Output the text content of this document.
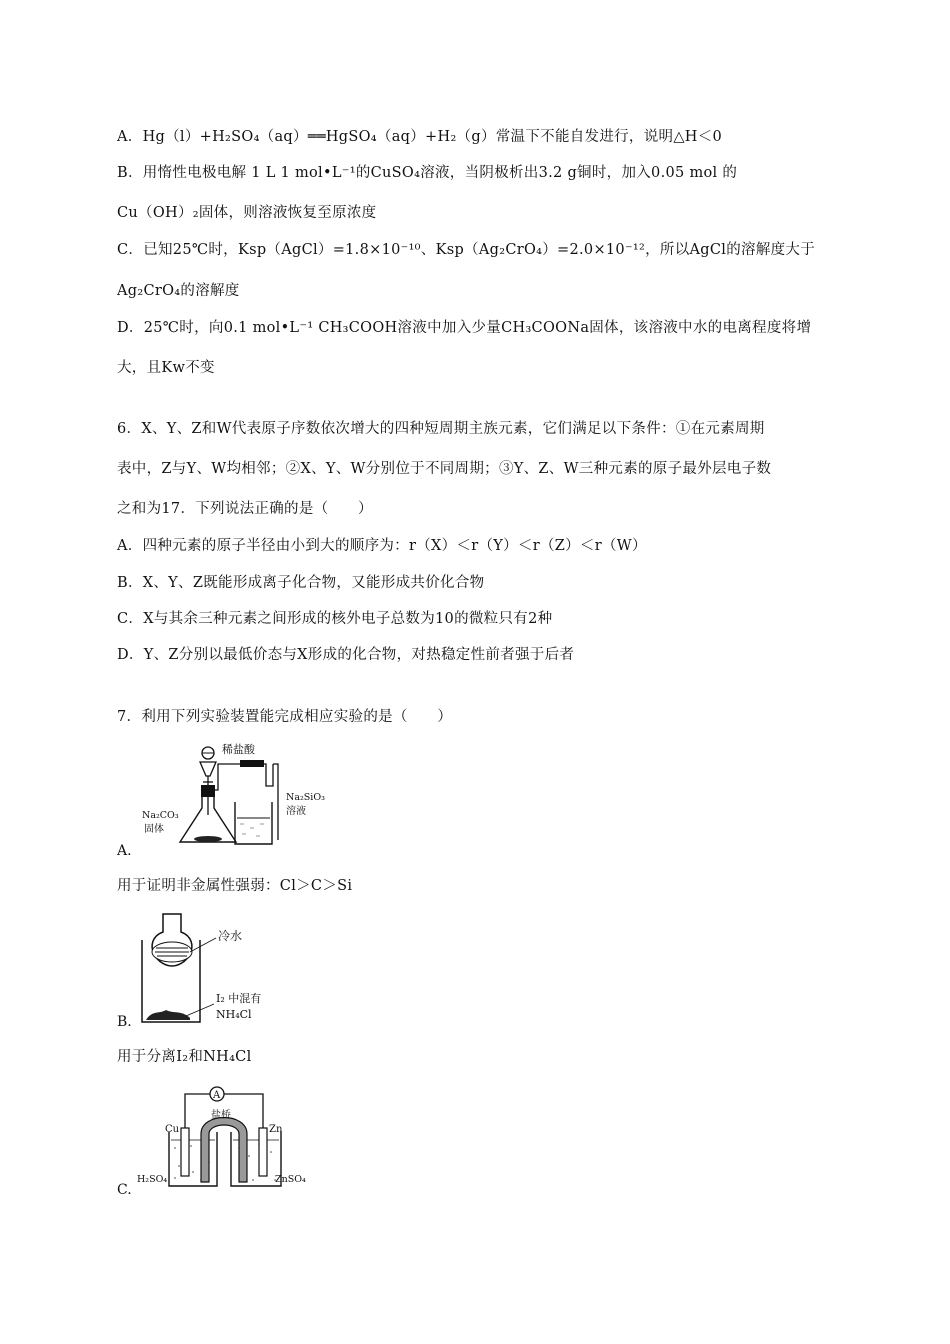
A．Hg（l）+H₂SO₄（aq）══HgSO₄（aq）+H₂（g）常温下不能自发进行，说明△H＜0
B．用惰性电极电解 1 L 1 mol•L⁻¹的CuSO₄溶液，当阴极析出3.2 g铜时，加入0.05 mol 的
Cu（OH）₂固体，则溶液恢复至原浓度
C．已知25℃时，Ksp（AgCl）=1.8×10⁻¹⁰、Ksp（Ag₂CrO₄）=2.0×10⁻¹²，所以AgCl的溶解度大于
Ag₂CrO₄的溶解度
D．25℃时，向0.1 mol•L⁻¹ CH₃COOH溶液中加入少量CH₃COONa固体，该溶液中水的电离程度将增
大，且Kw不变
6．X、Y、Z和W代表原子序数依次增大的四种短周期主族元素，它们满足以下条件：①在元素周期
表中，Z与Y、W均相邻；②X、Y、W分别位于不同周期；③Y、Z、W三种元素的原子最外层电子数
之和为17．下列说法正确的是（　　）
A．四种元素的原子半径由小到大的顺序为：r（X）＜r（Y）＜r（Z）＜r（W）
B．X、Y、Z既能形成离子化合物，又能形成共价化合物
C．X与其余三种元素之间形成的核外电子总数为10的微粒只有2种
D．Y、Z分别以最低价态与X形成的化合物，对热稳定性前者强于后者
7．利用下列实验装置能完成相应实验的是（　　）
稀盐酸
Na₂CO₃
固体
Na₂SiO₃
溶液
A.
用于证明非金属性强弱：Cl＞C＞Si
冷水
I₂ 中混有
NH₄Cl
B.
用于分离I₂和NH₄Cl
A
盐桥
Cu	Zn
H₂SO₄	ZnSO₄
C.
